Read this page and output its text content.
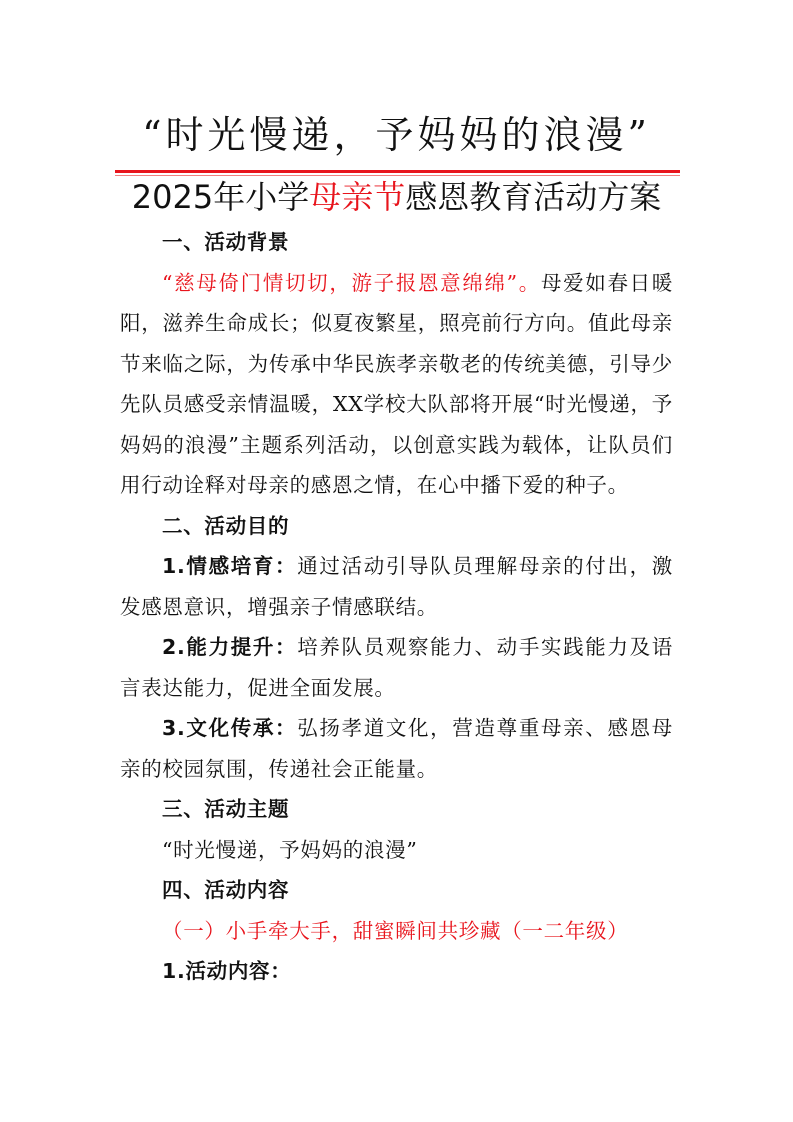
“时光慢递，予妈妈的浪漫”
2025年小学母亲节感恩教育活动方案

一、活动背景

“慈母倚门情切切，游子报恩意绵绵”。母爱如春日暖阳，滋养生命成长；似夏夜繁星，照亮前行方向。值此母亲节来临之际，为传承中华民族孝亲敬老的传统美德，引导少先队员感受亲情温暖，XX学校大队部将开展“时光慢递，予妈妈的浪漫”主题系列活动，以创意实践为载体，让队员们用行动诠释对母亲的感恩之情，在心中播下爱的种子。

二、活动目的

1.情感培育：通过活动引导队员理解母亲的付出，激发感恩意识，增强亲子情感联结。

2.能力提升：培养队员观察能力、动手实践能力及语言表达能力，促进全面发展。

3.文化传承：弘扬孝道文化，营造尊重母亲、感恩母亲的校园氛围，传递社会正能量。

三、活动主题

“时光慢递，予妈妈的浪漫”

四、活动内容

（一）小手牵大手，甜蜜瞬间共珍藏（一二年级）

1.活动内容：
